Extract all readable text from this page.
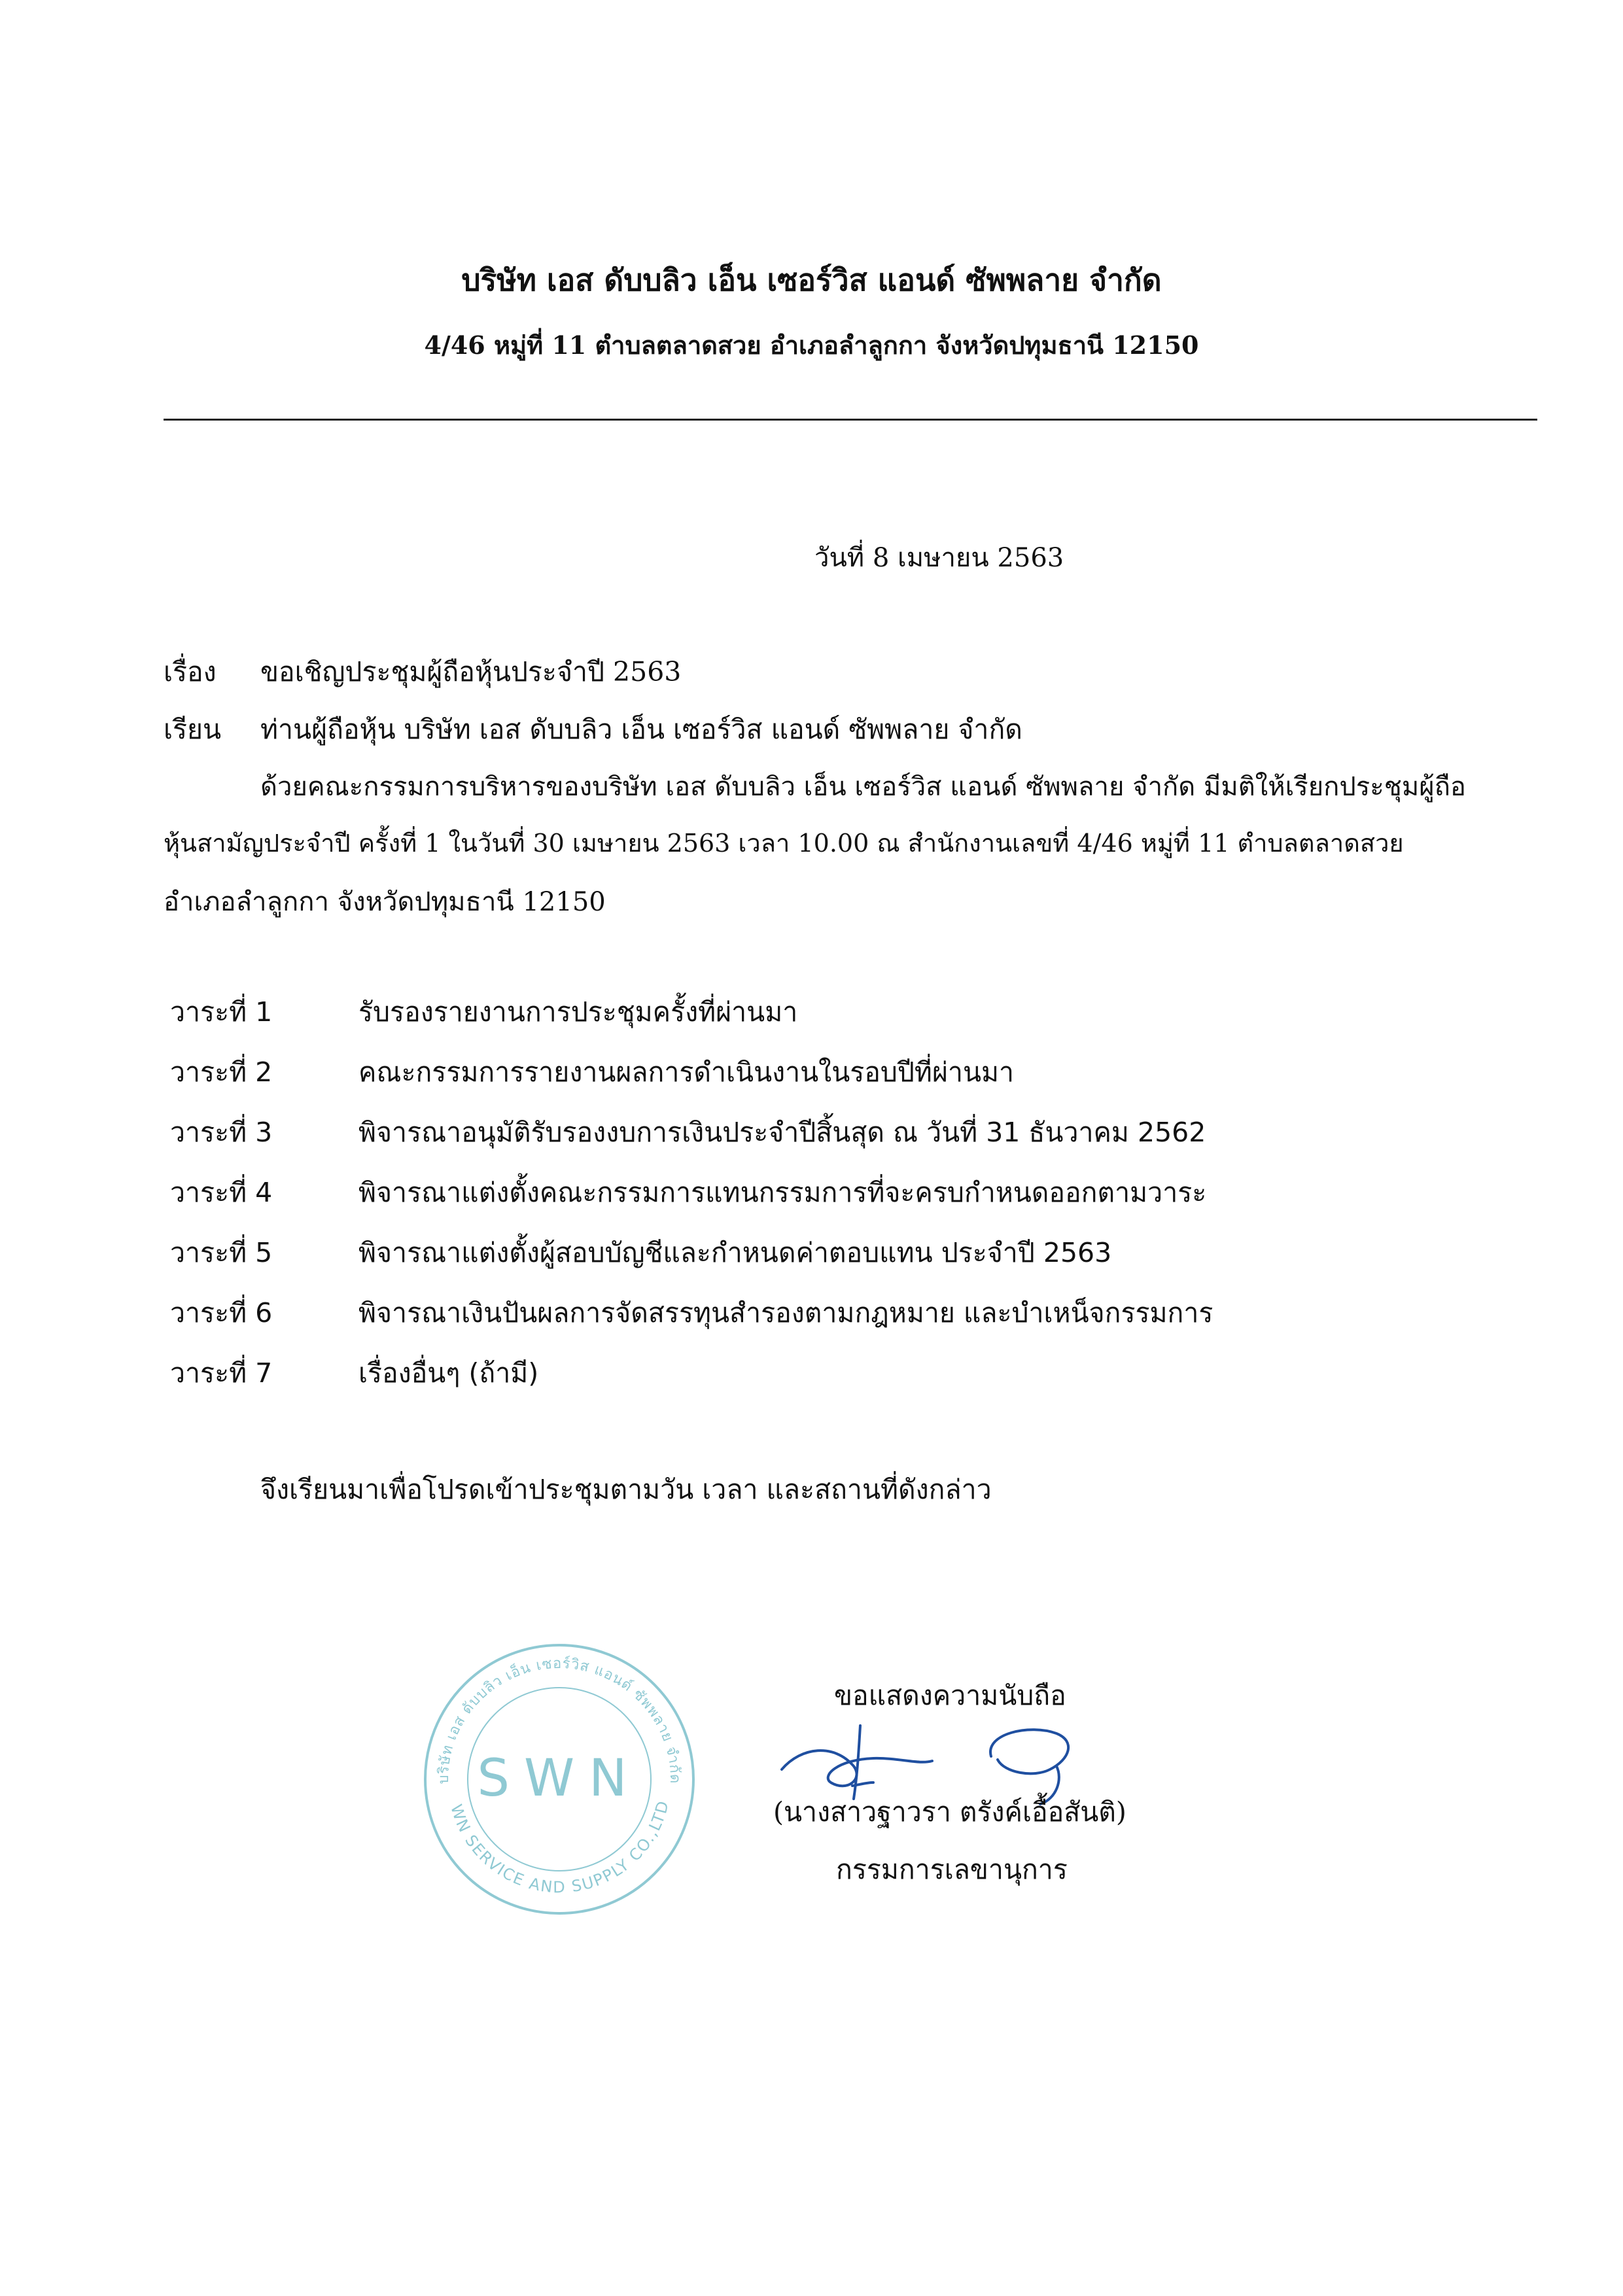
บริษัท เอส ดับบลิว เอ็น เซอร์วิส แอนด์ ซัพพลาย จำกัด
4/46 หมู่ที่ 11 ตำบลตลาดสวย อำเภอลำลูกกา จังหวัดปทุมธานี 12150
วันที่ 8 เมษายน 2563
เรื่อง ขอเชิญประชุมผู้ถือหุ้นประจำปี 2563
เรียน ท่านผู้ถือหุ้น บริษัท เอส ดับบลิว เอ็น เซอร์วิส แอนด์ ซัพพลาย จำกัด
ด้วยคณะกรรมการบริหารของบริษัท เอส ดับบลิว เอ็น เซอร์วิส แอนด์ ซัพพลาย จำกัด มีมติให้เรียกประชุมผู้ถือ
หุ้นสามัญประจำปี ครั้งที่ 1 ในวันที่ 30 เมษายน 2563 เวลา 10.00 ณ สำนักงานเลขที่ 4/46 หมู่ที่ 11 ตำบลตลาดสวย
อำเภอลำลูกกา จังหวัดปทุมธานี 12150
วาระที่ 1	รับรองรายงานการประชุมครั้งที่ผ่านมา
วาระที่ 2	คณะกรรมการรายงานผลการดำเนินงานในรอบปีที่ผ่านมา
วาระที่ 3	พิจารณาอนุมัติรับรองงบการเงินประจำปีสิ้นสุด ณ วันที่ 31 ธันวาคม 2562
วาระที่ 4	พิจารณาแต่งตั้งคณะกรรมการแทนกรรมการที่จะครบกำหนดออกตามวาระ
วาระที่ 5	พิจารณาแต่งตั้งผู้สอบบัญชีและกำหนดค่าตอบแทน ประจำปี 2563
วาระที่ 6	พิจารณาเงินปันผลการจัดสรรทุนสำรองตามกฎหมาย และบำเหน็จกรรมการ
วาระที่ 7	เรื่องอื่นๆ (ถ้ามี)
จึงเรียนมาเพื่อโปรดเข้าประชุมตามวัน เวลา และสถานที่ดังกล่าว
บริษัท เอส ดับบลิว เอ็น เซอร์วิส แอนด์ ซัพพลาย จำกัด
WN SERVICE AND SUPPLY CO.,LTD
SWN
ขอแสดงความนับถือ
(นางสาวฐาวรา ตรังค์เอื้อสันติ)
กรรมการเลขานุการ
